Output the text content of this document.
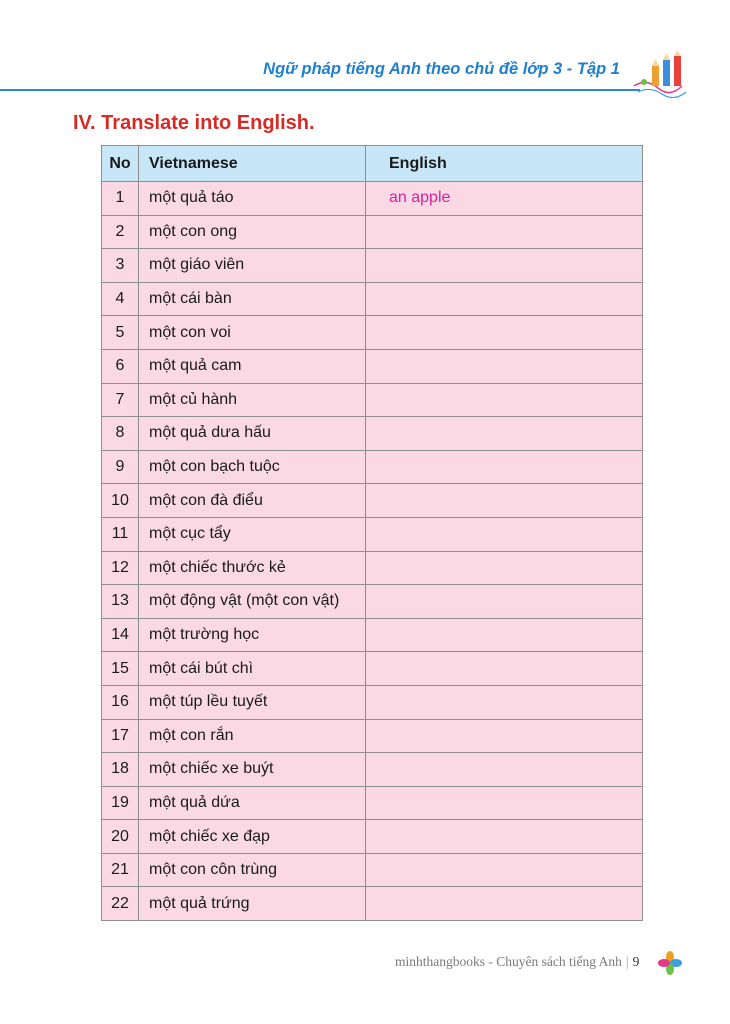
Ngữ pháp tiếng Anh theo chủ đề lớp 3 - Tập 1
IV. Translate into English.
No	Vietnamese	English
1	một quả táo	an apple
2	một con ong	
3	một giáo viên	
4	một cái bàn	
5	một con voi	
6	một quả cam	
7	một củ hành	
8	một quả dưa hấu	
9	một con bạch tuộc	
10	một con đà điểu	
11	một cục tẩy	
12	một chiếc thước kẻ	
13	một động vật (một con vật)	
14	một trường học	
15	một cái bút chì	
16	một túp lều tuyết	
17	một con rắn	
18	một chiếc xe buýt	
19	một quả dứa	
20	một chiếc xe đạp	
21	một con côn trùng	
22	một quả trứng	
minhthangbooks - Chuyên sách tiếng Anh | 9
